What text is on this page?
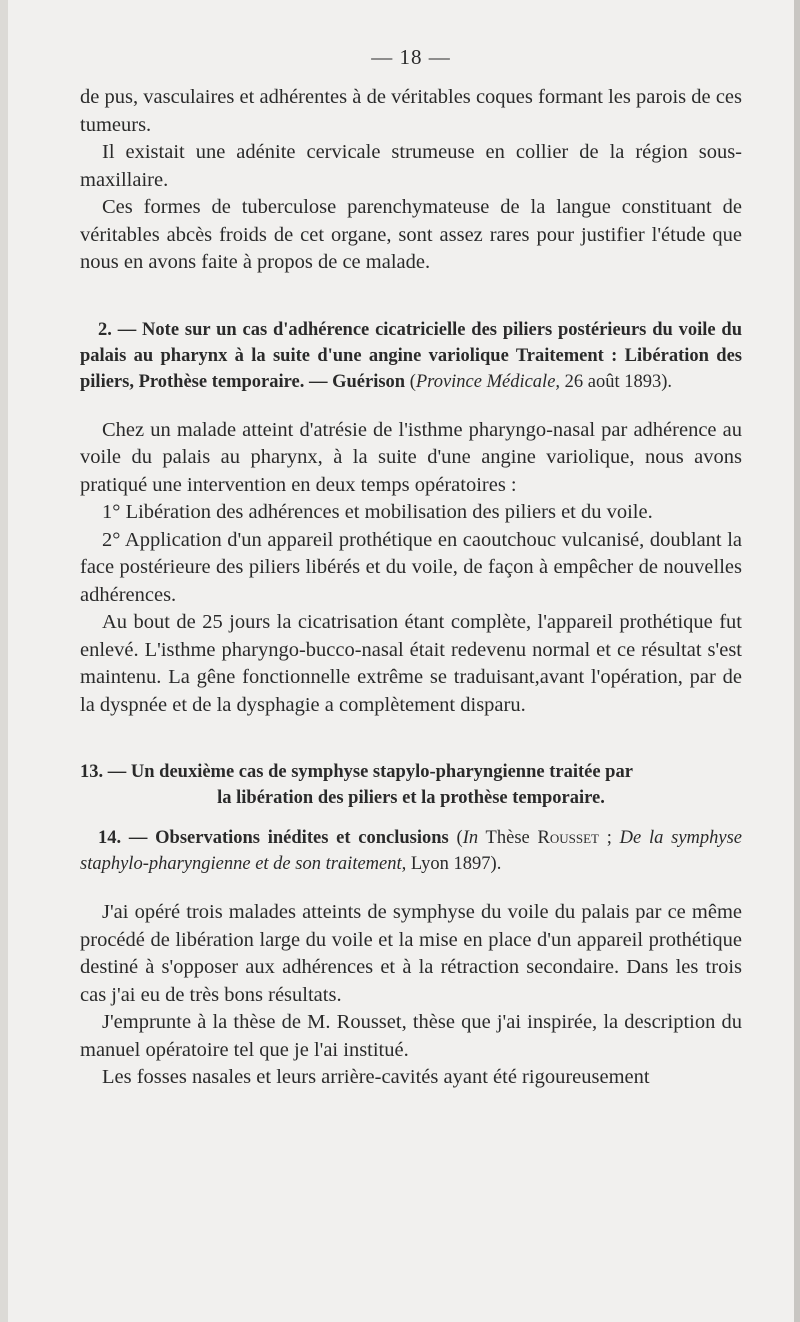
— 18 —

de pus, vasculaires et adhérentes à de véritables coques formant les parois de ces tumeurs.

Il existait une adénite cervicale strumeuse en collier de la région sous-maxillaire.

Ces formes de tuberculose parenchymateuse de la langue constituant de véritables abcès froids de cet organe, sont assez rares pour justifier l'étude que nous en avons faite à propos de ce malade.

2. — Note sur un cas d'adhérence cicatricielle des piliers postérieurs du voile du palais au pharynx à la suite d'une angine variolique Traitement : Libération des piliers, Prothèse temporaire. — Guérison (Province Médicale, 26 août 1893).

Chez un malade atteint d'atrésie de l'isthme pharyngo-nasal par adhérence au voile du palais au pharynx, à la suite d'une angine variolique, nous avons pratiqué une intervention en deux temps opératoires :

1° Libération des adhérences et mobilisation des piliers et du voile.

2° Application d'un appareil prothétique en caoutchouc vulcanisé, doublant la face postérieure des piliers libérés et du voile, de façon à empêcher de nouvelles adhérences.

Au bout de 25 jours la cicatrisation étant complète, l'appareil prothétique fut enlevé. L'isthme pharyngo-bucco-nasal était redevenu normal et ce résultat s'est maintenu. La gêne fonctionnelle extrême se traduisant,avant l'opération, par de la dyspnée et de la dysphagie a complètement disparu.

13. — Un deuxième cas de symphyse stapylo-pharyngienne traitée par
la libération des piliers et la prothèse temporaire.
14. — Observations inédites et conclusions (In Thèse Rousset ; De la symphyse staphylo-pharyngienne et de son traitement, Lyon 1897).

J'ai opéré trois malades atteints de symphyse du voile du palais par ce même procédé de libération large du voile et la mise en place d'un appareil prothétique destiné à s'opposer aux adhérences et à la rétraction secondaire. Dans les trois cas j'ai eu de très bons résultats.

J'emprunte à la thèse de M. Rousset, thèse que j'ai inspirée, la description du manuel opératoire tel que je l'ai institué.

Les fosses nasales et leurs arrière-cavités ayant été rigoureusement
